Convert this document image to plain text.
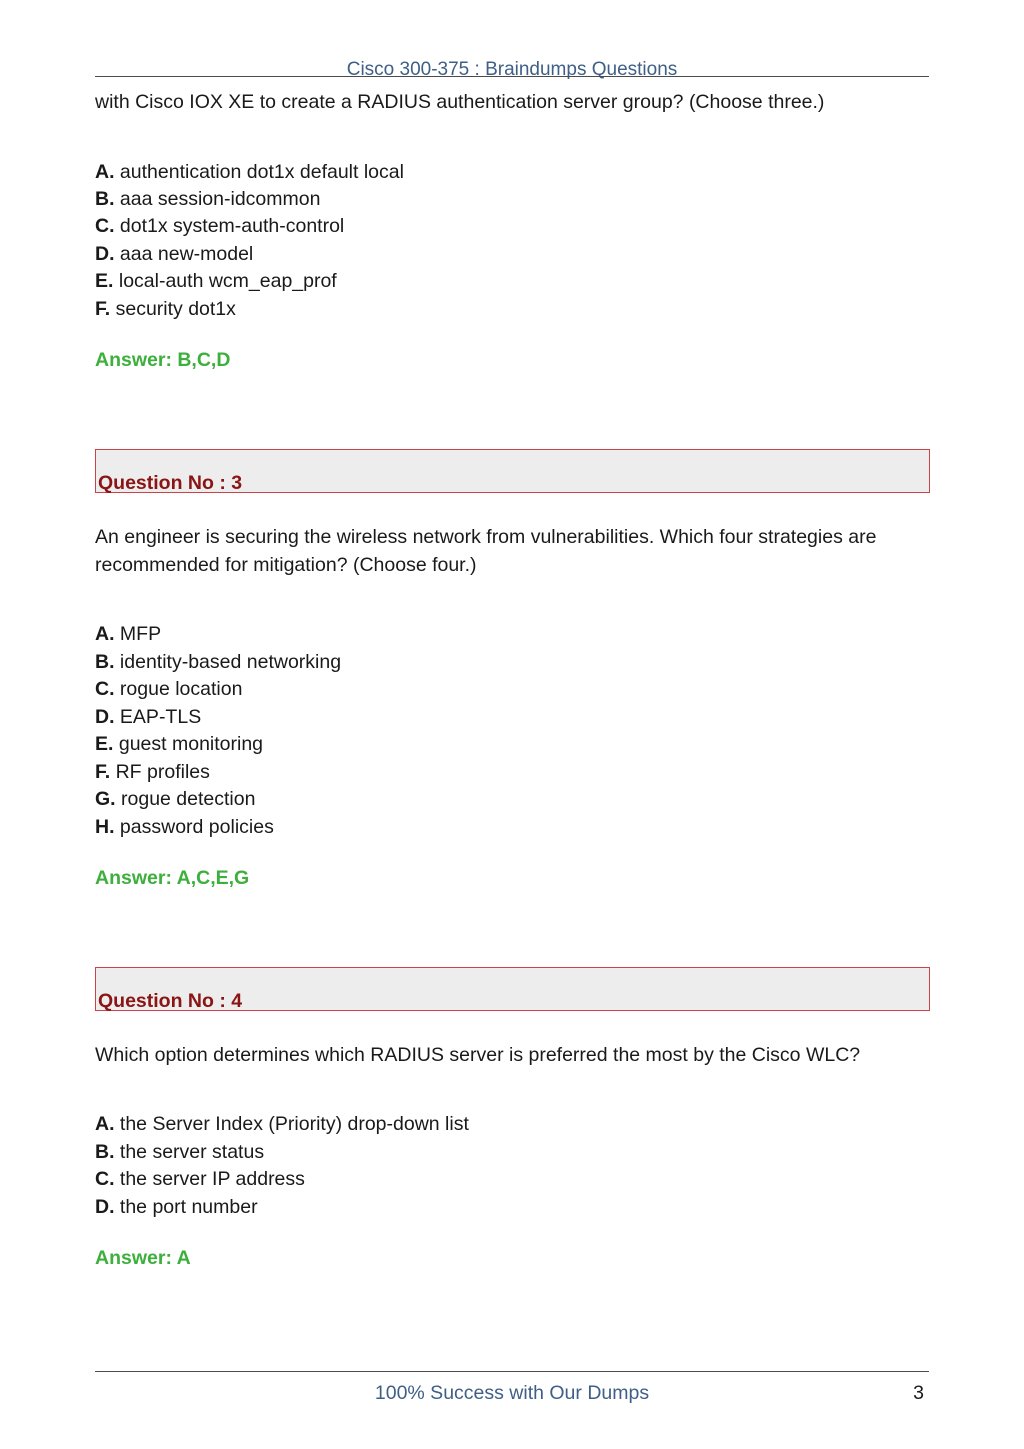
Cisco 300-375 : Braindumps Questions
with Cisco IOX XE to create a RADIUS authentication server group? (Choose three.)
A. authentication dot1x default local
B. aaa session-idcommon
C. dot1x system-auth-control
D. aaa new-model
E. local-auth wcm_eap_prof
F. security dot1x
Answer: B,C,D
Question No : 3
An engineer is securing the wireless network from vulnerabilities. Which four strategies are
recommended for mitigation? (Choose four.)
A. MFP
B. identity-based networking
C. rogue location
D. EAP-TLS
E. guest monitoring
F. RF profiles
G. rogue detection
H. password policies
Answer: A,C,E,G
Question No : 4
Which option determines which RADIUS server is preferred the most by the Cisco WLC?
A. the Server Index (Priority) drop-down list
B. the server status
C. the server IP address
D. the port number
Answer: A
100% Success with Our Dumps	3
